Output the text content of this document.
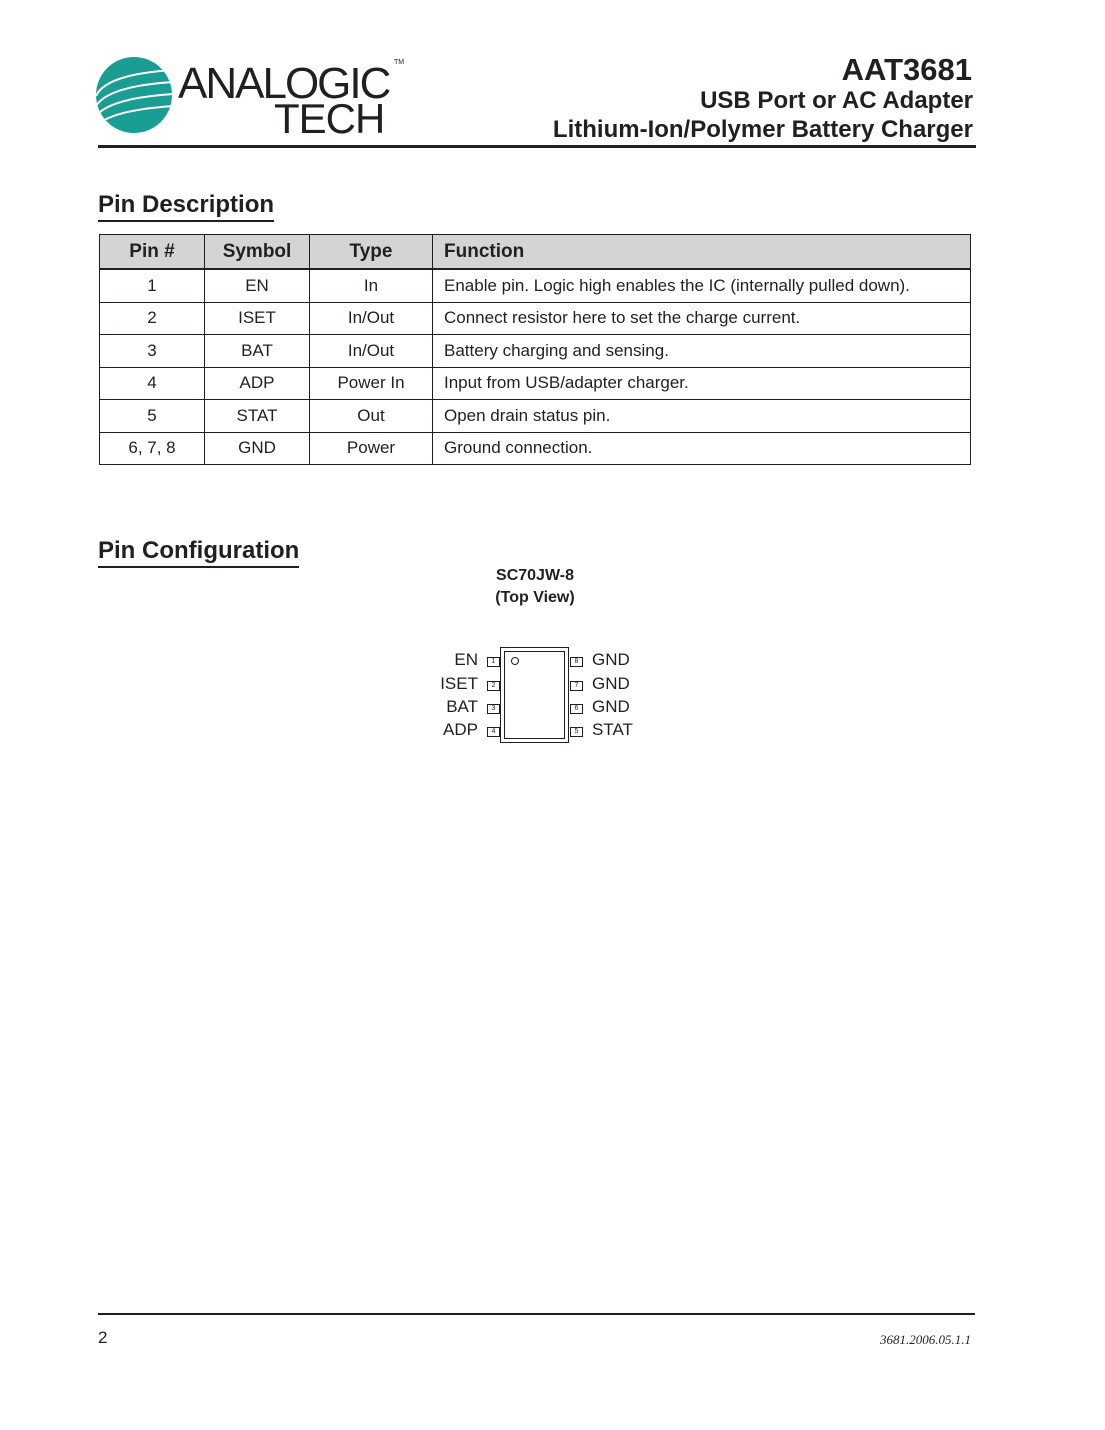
ANALOGIC
TECH
TM	AAT3681
USB Port or AC Adapter
Lithium-Ion/Polymer Battery Charger
Pin Description
Pin #	Symbol	Type	Function
1	EN	In	Enable pin. Logic high enables the IC (internally pulled down).
2	ISET	In/Out	Connect resistor here to set the charge current.
3	BAT	In/Out	Battery charging and sensing.
4	ADP	Power In	Input from USB/adapter charger.
5	STAT	Out	Open drain status pin.
6, 7, 8	GND	Power	Ground connection.
Pin Configuration
SC70JW-8
(Top View)
1
EN
2
ISET
3
BAT
4
ADP
8 GND
7 GND
6 GND
5 STAT
2	3681.2006.05.1.1
